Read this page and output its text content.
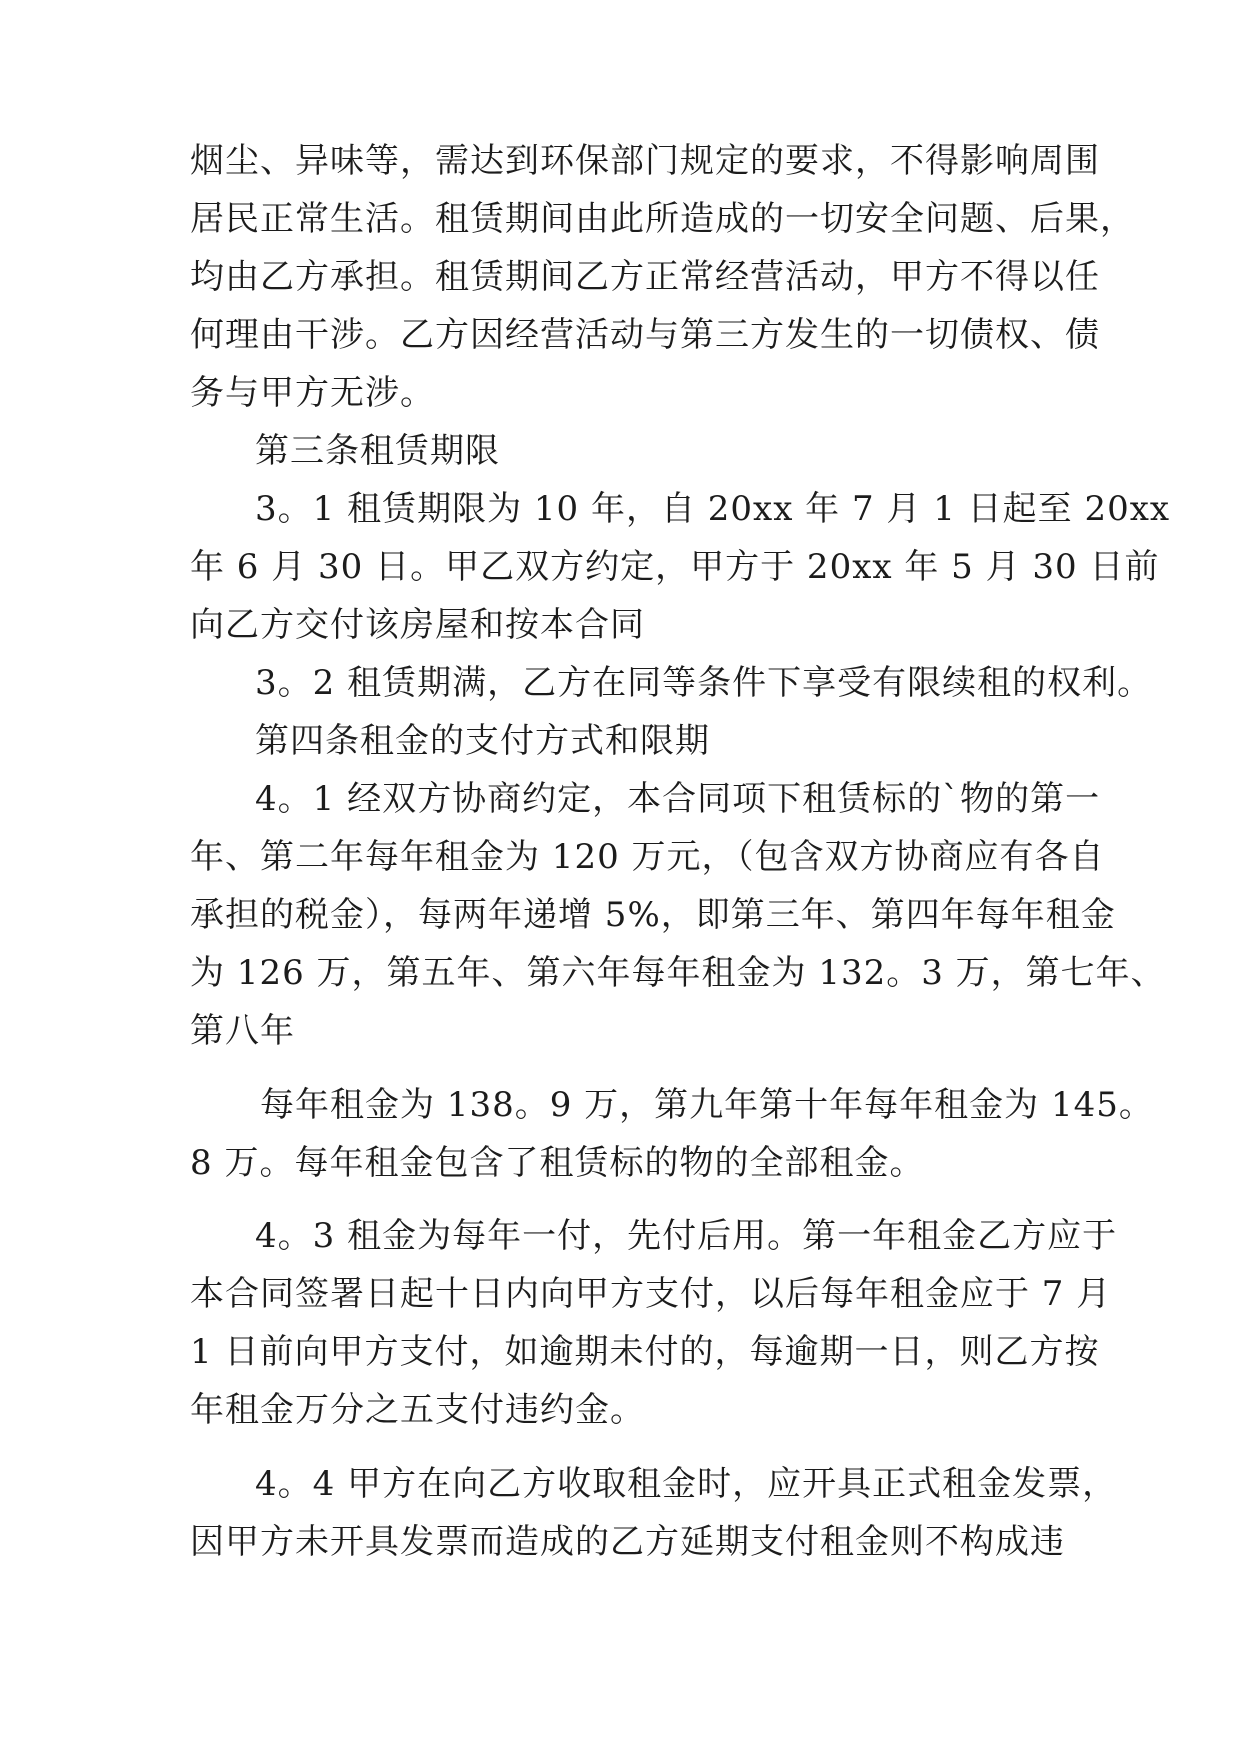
烟尘、异味等，需达到环保部门规定的要求，不得影响周围
居民正常生活。租赁期间由此所造成的一切安全问题、后果，
均由乙方承担。租赁期间乙方正常经营活动，甲方不得以任
何理由干涉。乙方因经营活动与第三方发生的一切债权、债
务与甲方无涉。
第三条租赁期限
3。1 租赁期限为 10 年，自 20xx 年 7 月 1 日起至 20xx
年 6 月 30 日。甲乙双方约定，甲方于 20xx 年 5 月 30 日前
向乙方交付该房屋和按本合同
3。2 租赁期满，乙方在同等条件下享受有限续租的权利。
第四条租金的支付方式和限期
4。1 经双方协商约定，本合同项下租赁标的`物的第一
年、第二年每年租金为 120 万元，（包含双方协商应有各自
承担的税金），每两年递增 5%，即第三年、第四年每年租金
为 126 万，第五年、第六年每年租金为 132。3 万，第七年、
第八年
每年租金为 138。9 万，第九年第十年每年租金为 145。
8 万。每年租金包含了租赁标的物的全部租金。
4。3 租金为每年一付，先付后用。第一年租金乙方应于
本合同签署日起十日内向甲方支付，以后每年租金应于 7 月
1 日前向甲方支付，如逾期未付的，每逾期一日，则乙方按
年租金万分之五支付违约金。
4。4 甲方在向乙方收取租金时，应开具正式租金发票，
因甲方未开具发票而造成的乙方延期支付租金则不构成违
